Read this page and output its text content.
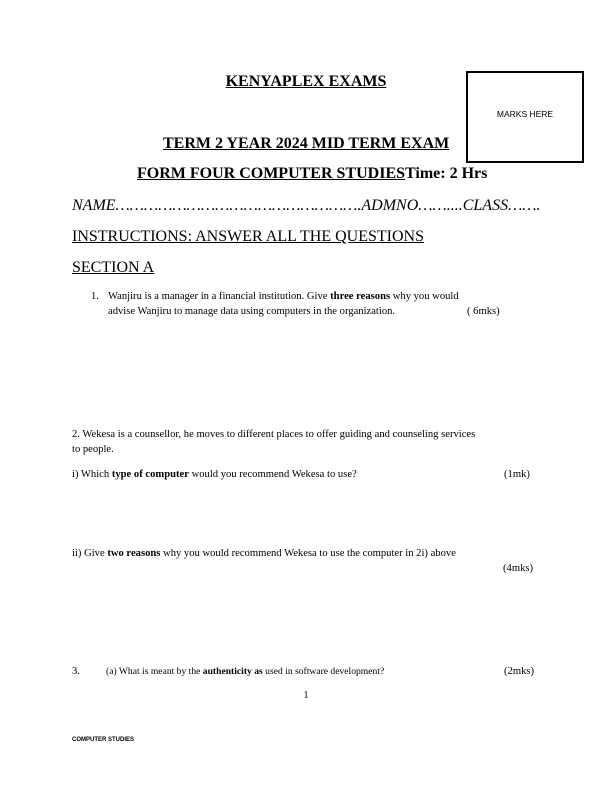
KENYAPLEX EXAMS
MARKS HERE
TERM 2 YEAR 2024 MID TERM EXAM
FORM FOUR COMPUTER STUDIESTime: 2 Hrs
NAME…………………………………………….ADMNO……....CLASS…….
INSTRUCTIONS: ANSWER ALL THE QUESTIONS
SECTION A
1. Wanjiru is a manager in a financial institution. Give three reasons why you would
advise Wanjiru to manage data using computers in the organization.	( 6mks)
2. Wekesa is a counsellor, he moves to different places to offer guiding and counseling services
to people.
i) Which type of computer would you recommend Wekesa to use?	(1mk)
ii) Give two reasons why you would recommend Wekesa to use the computer in 2i) above
(4mks)
3.	(a) What is meant by the authenticity as used in software development?	(2mks)
1
COMPUTER STUDIES
